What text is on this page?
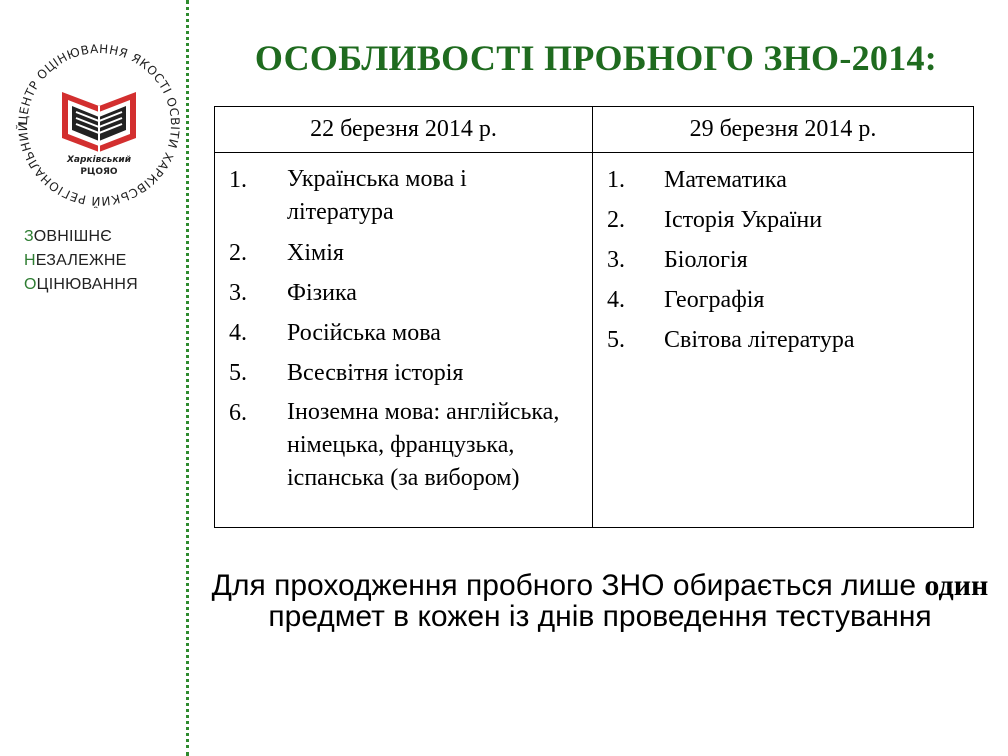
ЦЕНТР ОЦІНЮВАННЯ ЯКОСТІ ОСВІТИ ХАРКІВСЬКИЙ РЕГІОНАЛЬНИЙ
Харківський
РЦОЯО
ЗОВНІШНЄ
НЕЗАЛЕЖНЕ
ОЦІНЮВАННЯ
ОСОБЛИВОСТІ ПРОБНОГО ЗНО-2014:
22 березня 2014 р.	29 березня 2014 р.
1. Українська мова і література
2. Хімія
3. Фізика
4. Російська мова
5. Всесвітня історія
6. Іноземна мова: англійська, німецька, французька, іспанська (за вибором)
1. Математика
2. Історія України
3. Біологія
4. Географія
5. Світова література
Для проходження пробного ЗНО обирається лише один предмет в кожен із днів проведення тестування
